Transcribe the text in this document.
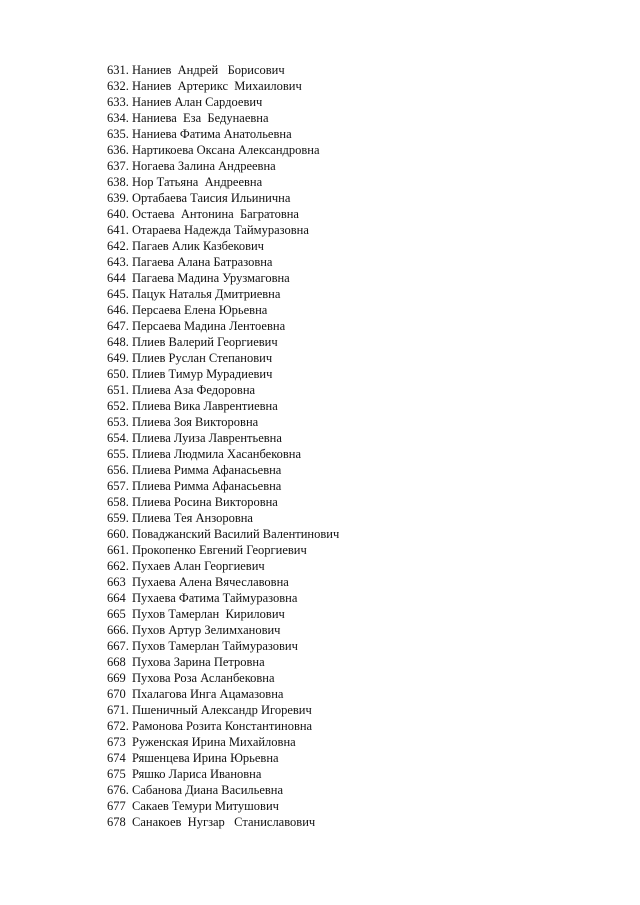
631. Наниев  Андрей   Борисович
632. Наниев  Артерикс  Михаилович
633. Наниев Алан Сардоевич
634. Наниева  Еза  Бедунаевна
635. Наниева Фатима Анатольевна
636. Нартикоева Оксана Александровна
637. Ногаева Залина Андреевна
638. Нор Татьяна  Андреевна
639. Ортабаева Таисия Ильинична
640. Остаева  Антонина  Багратовна
641. Отараева Надежда Таймуразовна
642. Пагаев Алик Казбекович
643. Пагаева Алана Батразовна
644  Пагаева Мадина Урузмаговна
645. Пацук Наталья Дмитриевна
646. Персаева Елена Юрьевна
647. Персаева Мадина Лентоевна
648. Плиев Валерий Георгиевич
649. Плиев Руслан Степанович
650. Плиев Тимур Мурадиевич
651. Плиева Аза Федоровна
652. Плиева Вика Лаврентиевна
653. Плиева Зоя Викторовна
654. Плиева Луиза Лаврентьевна
655. Плиева Людмила Хасанбековна
656. Плиева Римма Афанасьевна
657. Плиева Римма Афанасьевна
658. Плиева Росина Викторовна
659. Плиева Тея Анзоровна
660. Поваджанский Василий Валентинович
661. Прокопенко Евгений Георгиевич
662. Пухаев Алан Георгиевич
663  Пухаева Алена Вячеславовна
664  Пухаева Фатима Таймуразовна
665  Пухов Тамерлан  Кирилович
666. Пухов Артур Зелимханович
667. Пухов Тамерлан Таймуразович
668  Пухова Зарина Петровна
669  Пухова Роза Асланбековна
670  Пхалагова Инга Ацамазовна
671. Пшеничный Александр Игоревич
672. Рамонова Розита Константиновна
673  Руженская Ирина Михайловна
674  Ряшенцева Ирина Юрьевна
675  Ряшко Лариса Ивановна
676. Сабанова Диана Васильевна
677  Сакаев Темури Митушович
678  Санакоев  Нугзар   Станиславович
